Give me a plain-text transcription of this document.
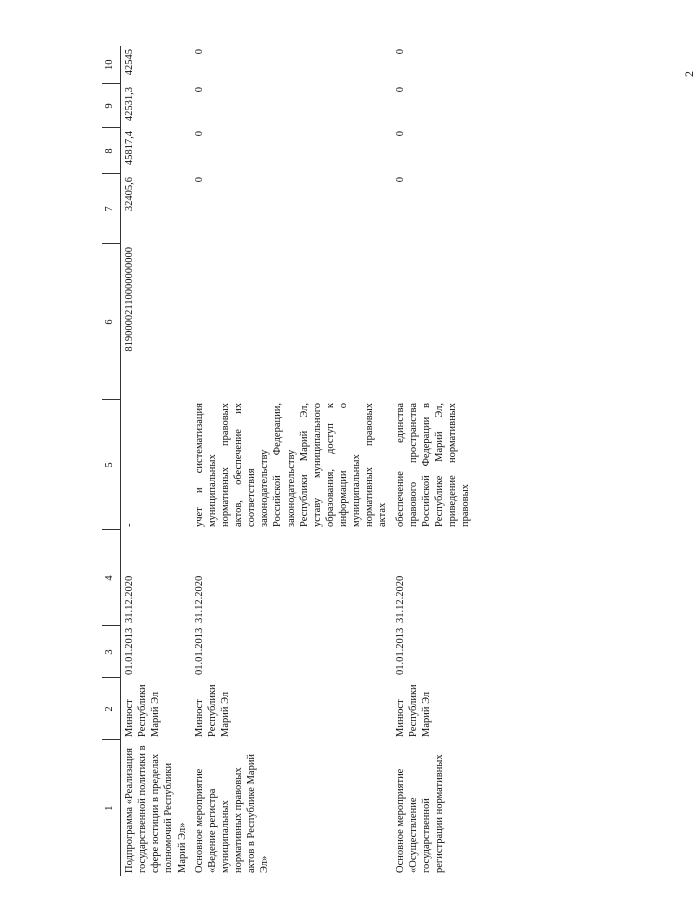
2
1	2	3	4	5	6	7	8	9	10
Подпрограмма «Реализация государственной политики в сфере юстиции в пределах полномочий Республики Марий Эл»	Минюст Республики Марий Эл	01.01.2013	31.12.2020	-	81900002110000000000	32405,6	45817,4	42531,3	42545
Основное мероприятие «Ведение регистра муниципальных нормативных правовых актов в Республике Марий Эл»	Минюст Республики Марий Эл	01.01.2013	31.12.2020	учет и систематизация муниципальных нормативных правовых актов, обеспечение их соответствия законодательству Российской Федерации, законодательству Республики Марий Эл, уставу муниципального образования, доступ к информации о муниципальных нормативных правовых актах		0	0	0	0
Основное мероприятие «Осуществление государственной регистрации нормативных	Минюст Республики Марий Эл	01.01.2013	31.12.2020	обеспечение единства правового пространства Российской Федерации в Республике Марий Эл, приведение нормативных правовых		0	0	0	0
